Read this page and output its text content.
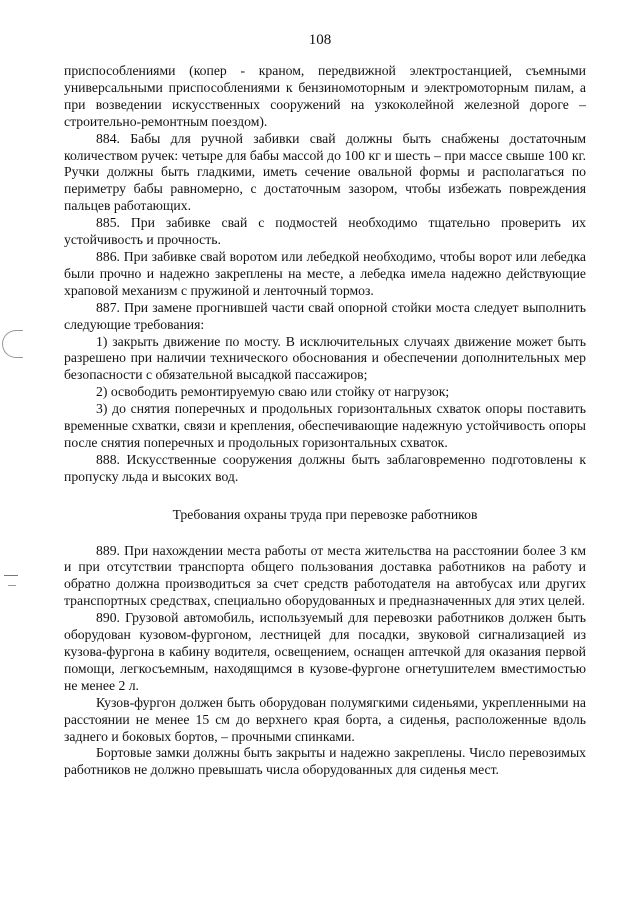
108

приспособлениями (копер - краном, передвижной электростанцией, съемными универсальными приспособлениями к бензиномоторным и электромоторным пилам, а при возведении искусственных сооружений на узкоколейной железной дороге – строительно-ремонтным поездом).

884. Бабы для ручной забивки свай должны быть снабжены достаточным количеством ручек: четыре для бабы массой до 100 кг и шесть – при массе свыше 100 кг. Ручки должны быть гладкими, иметь сечение овальной формы и располагаться по периметру бабы равномерно, с достаточным зазором, чтобы избежать повреждения пальцев работающих.

885. При забивке свай с подмостей необходимо тщательно проверить их устойчивость и прочность.

886. При забивке свай воротом или лебедкой необходимо, чтобы ворот или лебедка были прочно и надежно закреплены на месте, а лебедка имела надежно действующие храповой механизм с пружиной и ленточный тормоз.

887. При замене прогнившей части свай опорной стойки моста следует выполнить следующие требования:

1) закрыть движение по мосту. В исключительных случаях движение может быть разрешено при наличии технического обоснования и обеспечении дополнительных мер безопасности с обязательной высадкой пассажиров;

2) освободить ремонтируемую сваю или стойку от нагрузок;

3) до снятия поперечных и продольных горизонтальных схваток опоры поставить временные схватки, связи и крепления, обеспечивающие надежную устойчивость опоры после снятия поперечных и продольных горизонтальных схваток.

888. Искусственные сооружения должны быть заблаговременно подготовлены к пропуску льда и высоких вод.

Требования охраны труда при перевозке работников

889. При нахождении места работы от места жительства на расстоянии более 3 км и при отсутствии транспорта общего пользования доставка работников на работу и обратно должна производиться за счет средств работодателя на автобусах или других транспортных средствах, специально оборудованных и предназначенных для этих целей.

890. Грузовой автомобиль, используемый для перевозки работников должен быть оборудован кузовом-фургоном, лестницей для посадки, звуковой сигнализацией из кузова-фургона в кабину водителя, освещением, оснащен аптечкой для оказания первой помощи, легкосъемным, находящимся в кузове-фургоне огнетушителем вместимостью не менее 2 л.

Кузов-фургон должен быть оборудован полумягкими сиденьями, укрепленными на расстоянии не менее 15 см до верхнего края борта, а сиденья, расположенные вдоль заднего и боковых бортов, – прочными спинками.

Бортовые замки должны быть закрыты и надежно закреплены. Число перевозимых работников не должно превышать числа оборудованных для сиденья мест.
